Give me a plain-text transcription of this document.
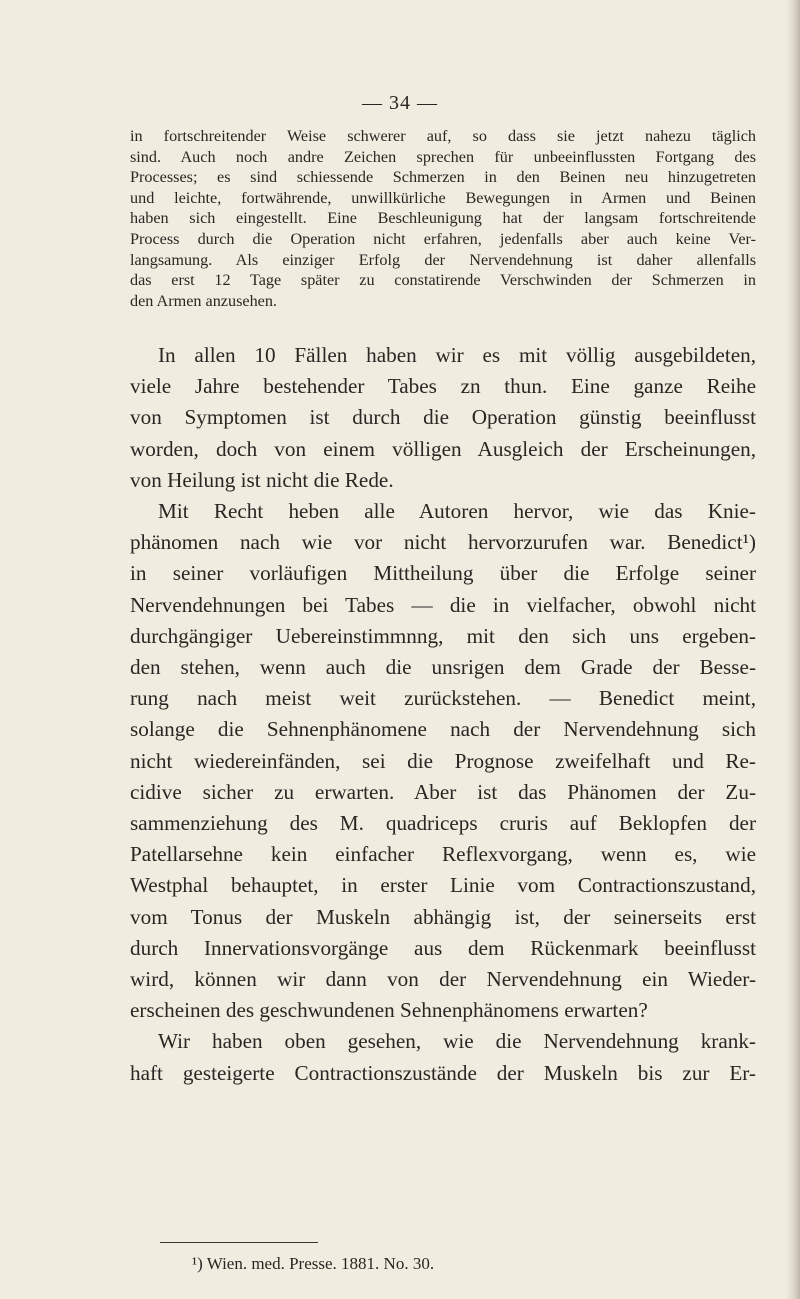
— 34 —
in fortschreitender Weise schwerer auf, so dass sie jetzt nahezu täglich
sind. Auch noch andre Zeichen sprechen für unbeeinflussten Fortgang des
Processes; es sind schiessende Schmerzen in den Beinen neu hinzugetreten
und leichte, fortwährende, unwillkürliche Bewegungen in Armen und Beinen
haben sich eingestellt. Eine Beschleunigung hat der langsam fortschreitende
Process durch die Operation nicht erfahren, jedenfalls aber auch keine Ver-
langsamung. Als einziger Erfolg der Nervendehnung ist daher allenfalls
das erst 12 Tage später zu constatirende Verschwinden der Schmerzen in
den Armen anzusehen.
In allen 10 Fällen haben wir es mit völlig ausgebildeten,
viele Jahre bestehender Tabes zn thun. Eine ganze Reihe
von Symptomen ist durch die Operation günstig beeinflusst
worden, doch von einem völligen Ausgleich der Erscheinungen,
von Heilung ist nicht die Rede.
Mit Recht heben alle Autoren hervor, wie das Knie-
phänomen nach wie vor nicht hervorzurufen war. Benedict¹)
in seiner vorläufigen Mittheilung über die Erfolge seiner
Nervendehnungen bei Tabes — die in vielfacher, obwohl nicht
durchgängiger Uebereinstimmnng, mit den sich uns ergeben-
den stehen, wenn auch die unsrigen dem Grade der Besse-
rung nach meist weit zurückstehen. — Benedict meint,
solange die Sehnenphänomene nach der Nervendehnung sich
nicht wiedereinfänden, sei die Prognose zweifelhaft und Re-
cidive sicher zu erwarten. Aber ist das Phänomen der Zu-
sammenziehung des M. quadriceps cruris auf Beklopfen der
Patellarsehne kein einfacher Reflexvorgang, wenn es, wie
Westphal behauptet, in erster Linie vom Contractionszustand,
vom Tonus der Muskeln abhängig ist, der seinerseits erst
durch Innervationsvorgänge aus dem Rückenmark beeinflusst
wird, können wir dann von der Nervendehnung ein Wieder-
erscheinen des geschwundenen Sehnenphänomens erwarten?
Wir haben oben gesehen, wie die Nervendehnung krank-
haft gesteigerte Contractionszustände der Muskeln bis zur Er-
¹) Wien. med. Presse. 1881. No. 30.
